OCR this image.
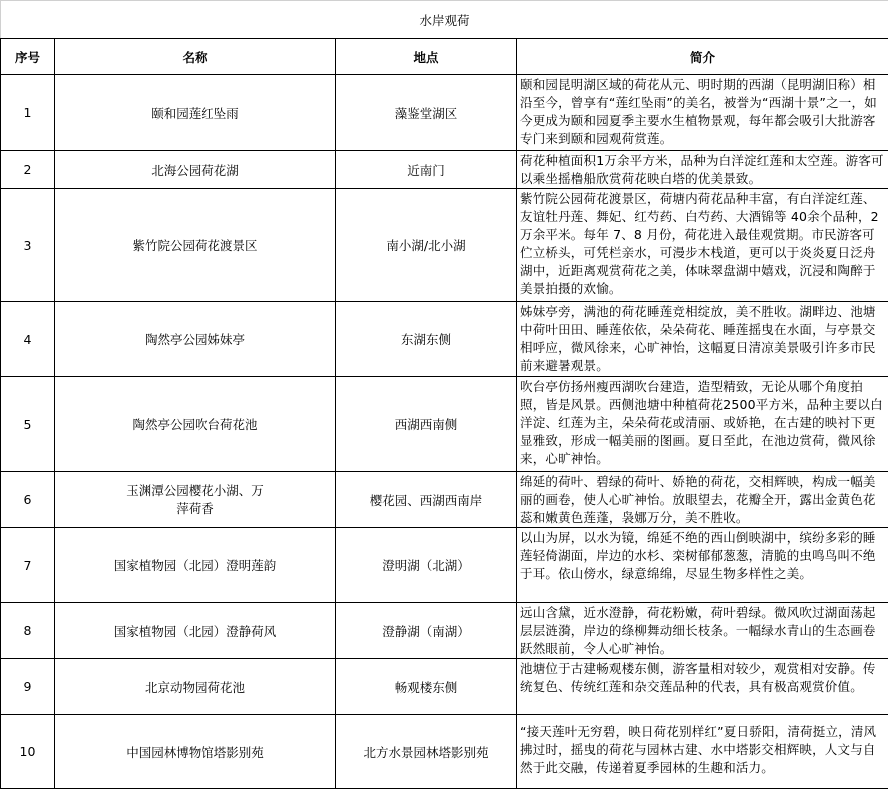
水岸观荷			
序号	名称	地点	简介
1	颐和园莲红坠雨	藻鉴堂湖区	颐和园昆明湖区域的荷花从元、明时期的西湖（昆明湖旧称）相沿至今，曾享有“莲红坠雨”的美名，被誉为“西湖十景”之一，如今更成为颐和园夏季主要水生植物景观，每年都会吸引大批游客专门来到颐和园观荷赏莲。
2	北海公园荷花湖	近南门	荷花种植面积1万余平方米，品种为白洋淀红莲和太空莲。游客可以乘坐摇橹船欣赏荷花映白塔的优美景致。
3	紫竹院公园荷花渡景区	南小湖/北小湖	紫竹院公园荷花渡景区，荷塘内荷花品种丰富，有白洋淀红莲、友谊牡丹莲、舞妃、红芍药、白芍药、大酒锦等 40余个品种，2 万余平米。每年 7、8 月份，荷花进入最佳观赏期。市民游客可伫立桥头，可凭栏亲水，可漫步木栈道，更可以于炎炎夏日泛舟湖中，近距离观赏荷花之美，体味翠盘湖中嬉戏，沉浸和陶醉于美景拍摄的欢愉。
4	陶然亭公园姊妹亭	东湖东侧	姊妹亭旁，满池的荷花睡莲竞相绽放，美不胜收。湖畔边、池塘中荷叶田田、睡莲依依，朵朵荷花、睡莲摇曳在水面，与亭景交相呼应，微风徐来，心旷神怡，这幅夏日清凉美景吸引许多市民前来避暑观景。
5	陶然亭公园吹台荷花池	西湖西南侧	吹台亭仿扬州瘦西湖吹台建造，造型精致，无论从哪个角度拍照，皆是风景。西侧池塘中种植荷花2500平方米，品种主要以白洋淀、红莲为主，朵朵荷花或清丽、或娇艳，在古建的映衬下更显雅致，形成一幅美丽的图画。夏日至此，在池边赏荷，微风徐来，心旷神怡。
6	玉渊潭公园樱花小湖、万萍荷香	樱花园、西湖西南岸	绵延的荷叶、碧绿的荷叶、娇艳的荷花，交相辉映，构成一幅美丽的画卷，使人心旷神怡。放眼望去，花瓣全开，露出金黄色花蕊和嫩黄色莲蓬，袅娜万分，美不胜收。
7	国家植物园（北园）澄明莲韵	澄明湖（北湖）	以山为屏，以水为镜，绵延不绝的西山倒映湖中，缤纷多彩的睡莲轻倚湖面，岸边的水杉、栾树郁郁葱葱，清脆的虫鸣鸟叫不绝于耳。依山傍水，绿意绵绵，尽显生物多样性之美。
8	国家植物园（北园）澄静荷风	澄静湖（南湖）	远山含黛，近水澄静，荷花粉嫩，荷叶碧绿。微风吹过湖面荡起层层涟漪，岸边的绦柳舞动细长枝条。一幅绿水青山的生态画卷跃然眼前，令人心旷神怡。
9	北京动物园荷花池	畅观楼东侧	池塘位于古建畅观楼东侧，游客量相对较少，观赏相对安静。传统复色、传统红莲和杂交莲品种的代表，具有极高观赏价值。
10	中国园林博物馆塔影别苑	北方水景园林塔影别苑	“接天莲叶无穷碧，映日荷花别样红”夏日骄阳，清荷挺立，清风拂过时，摇曳的荷花与园林古建、水中塔影交相辉映，人文与自然于此交融，传递着夏季园林的生趣和活力。
